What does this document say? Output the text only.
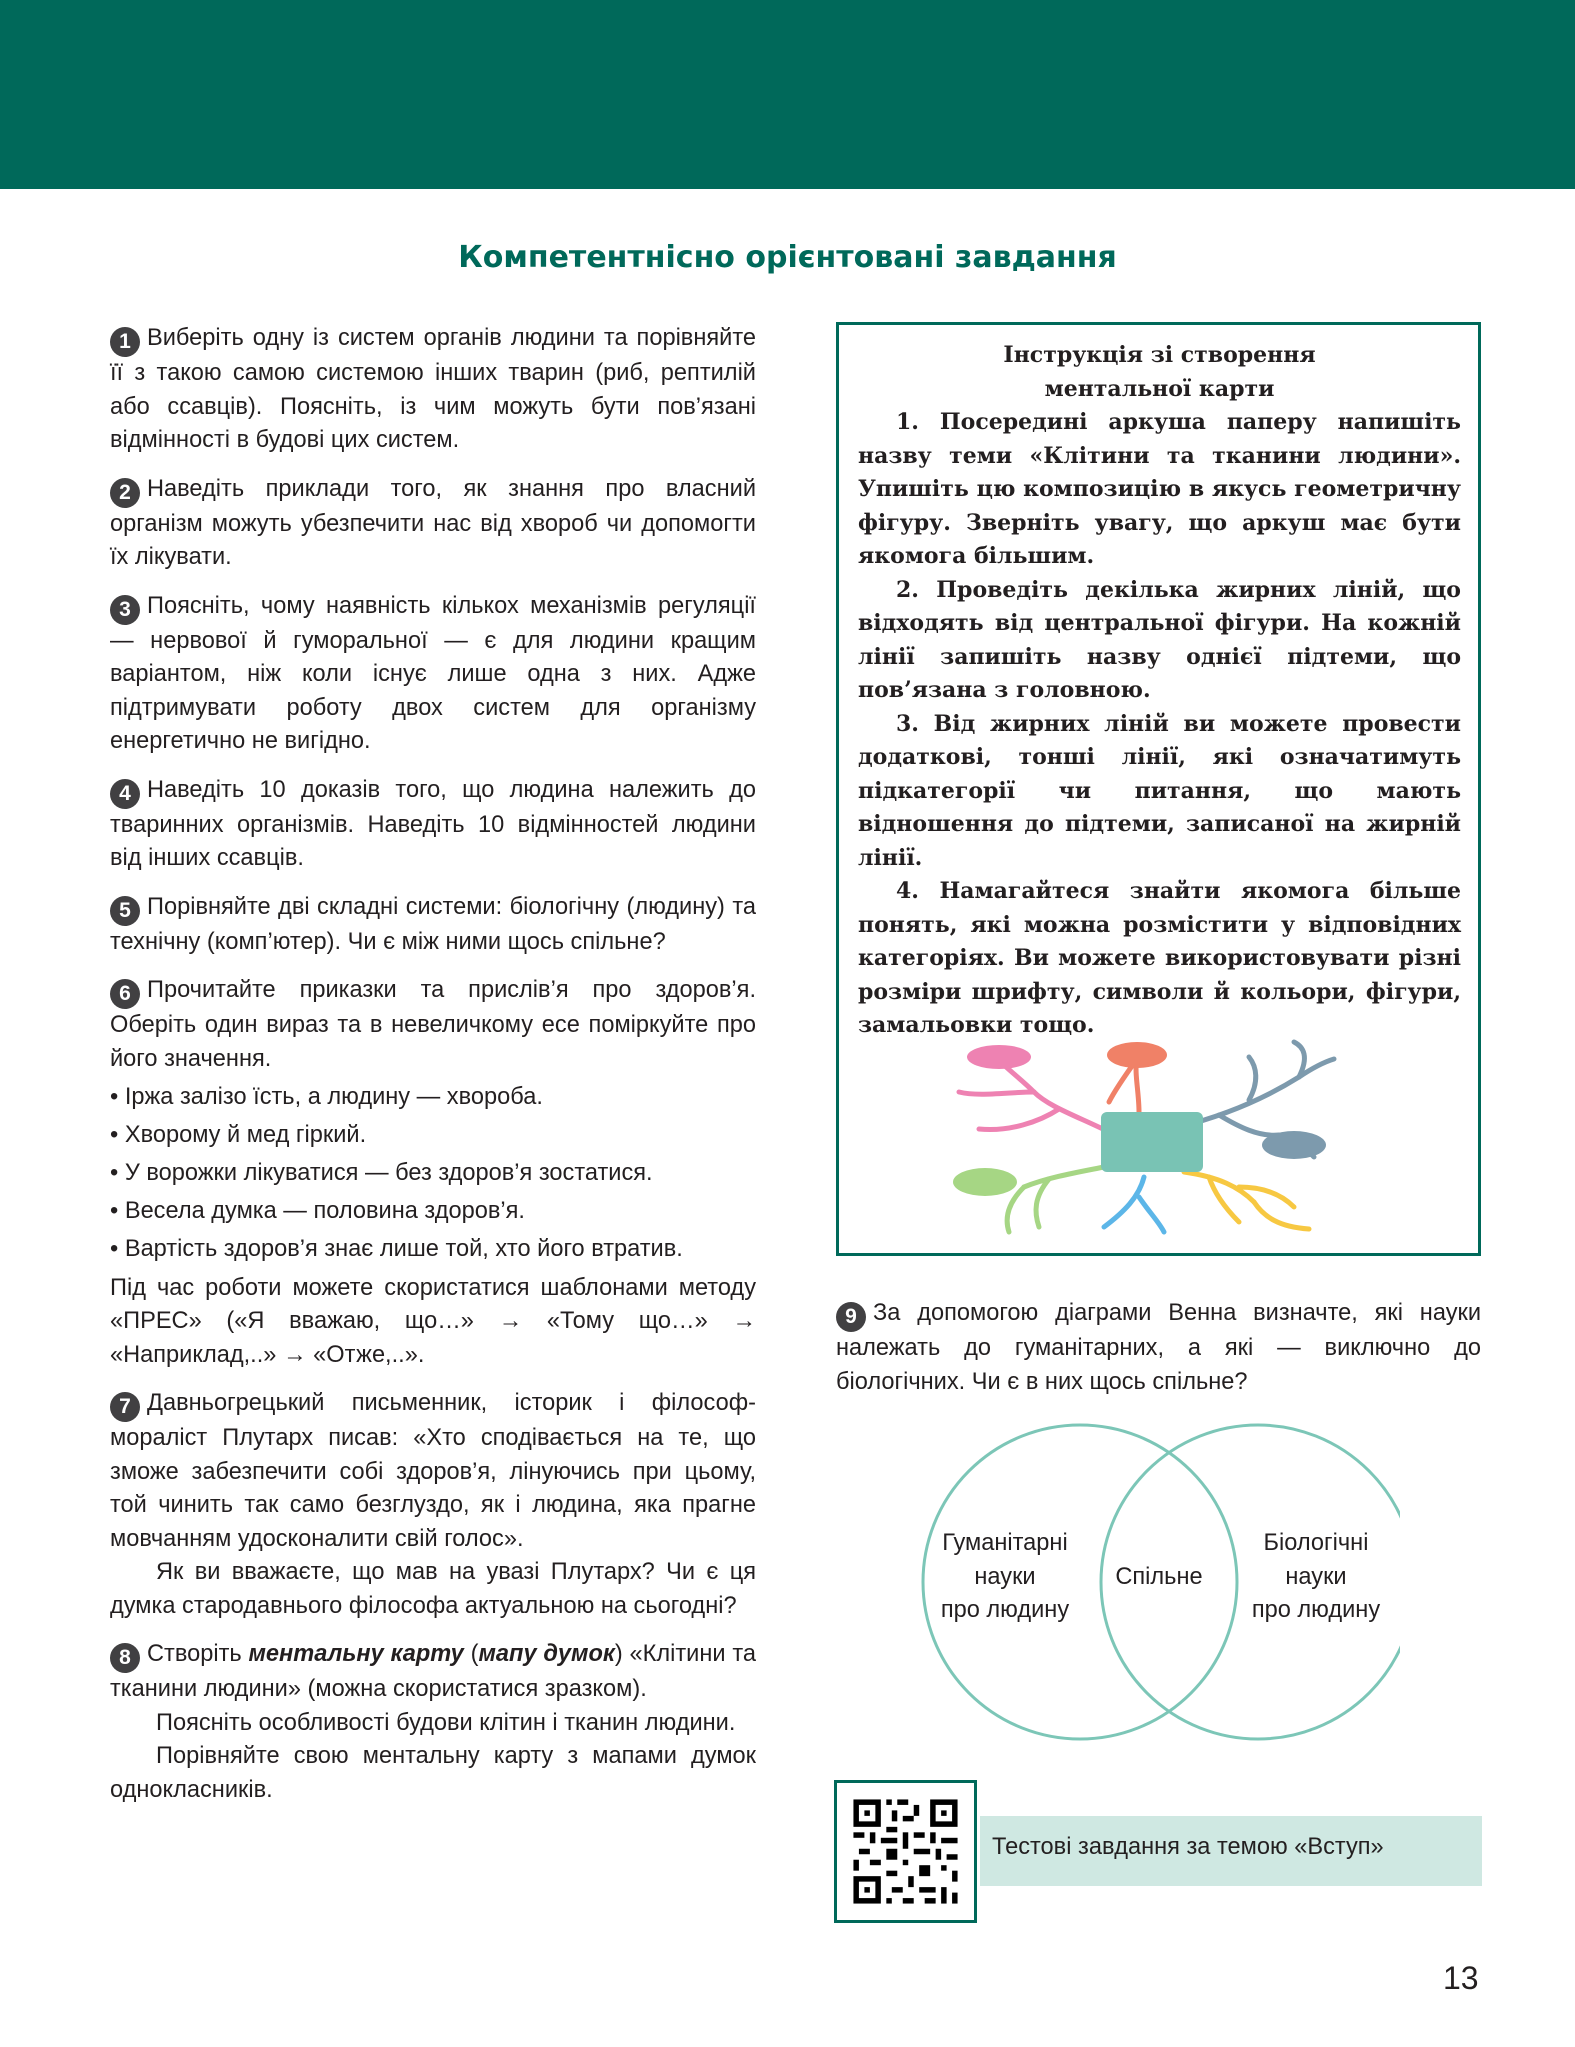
Компетентнісно орієнтовані завдання
1 Виберіть одну із систем органів людини та порівняйте її з такою самою системою інших тварин (риб, рептилій або ссавців). Поясніть, із чим можуть бути пов’язані відмінності в будові цих систем.
2 Наведіть приклади того, як знання про власний організм можуть убезпечити нас від хвороб чи допомогти їх лікувати.
3 Поясніть, чому наявність кількох механізмів регуляції — нервової й гуморальної — є для людини кращим варіантом, ніж коли існує лише одна з них. Адже підтримувати роботу двох систем для організму енергетично не вигідно.
4 Наведіть 10 доказів того, що людина належить до тваринних організмів. Наведіть 10 відмінностей людини від інших ссавців.
5 Порівняйте дві складні системи: біологічну (людину) та технічну (комп’ютер). Чи є між ними щось спільне?
6 Прочитайте приказки та прислів’я про здоров’я. Оберіть один вираз та в невеличкому есе поміркуйте про його значення.
• Іржа залізо їсть, а людину — хвороба.
• Хворому й мед гіркий.
• У ворожки лікуватися — без здоров’я зостатися.
• Весела думка — половина здоров’я.
• Вартість здоров’я знає лише той, хто його втратив.
Під час роботи можете скористатися шаблонами методу «ПРЕС» («Я вважаю, що…» → «Тому що…» → «Наприклад,..» → «Отже,..».
7 Давньогрецький письменник, історик і філософ-мораліст Плутарх писав: «Хто сподівається на те, що зможе забезпечити собі здоров’я, лінуючись при цьому, той чинить так само безглуздо, як і людина, яка прагне мовчанням удосконалити свій голос».
Як ви вважаєте, що мав на увазі Плутарх? Чи є ця думка стародавнього філософа актуальною на сьогодні?
8 Створіть ментальну карту (мапу думок) «Клітини та тканини людини» (можна скористатися зразком).
Поясніть особливості будови клітин і тканин людини.
Порівняйте свою ментальну карту з мапами думок однокласників.
Інструкція зі створення
ментальної карти
1. Посередині аркуша паперу напишіть назву теми «Клітини та тканини людини». Упишіть цю композицію в якусь геометричну фігуру. Зверніть увагу, що аркуш має бути якомога більшим.
2. Проведіть декілька жирних ліній, що відходять від центральної фігури. На кожній лінії запишіть назву однієї підтеми, що пов’язана з головною.
3. Від жирних ліній ви можете провести додаткові, тонші лінії, які означатимуть підкатегорії чи питання, що мають відношення до підтеми, записаної на жирній лінії.
4. Намагайтеся знайти якомога більше понять, які можна розмістити у відповідних категоріях. Ви можете використовувати різні розміри шрифту, символи й кольори, фігури, замальовки тощо.
9 За допомогою діаграми Венна визначте, які науки належать до гуманітарних, а які — виключно до біологічних. Чи є в них щось спільне?
Гуманітарні
науки
про людину
Спільне
Біологічні
науки
про людину
Тестові завдання за темою «Вступ»
13
